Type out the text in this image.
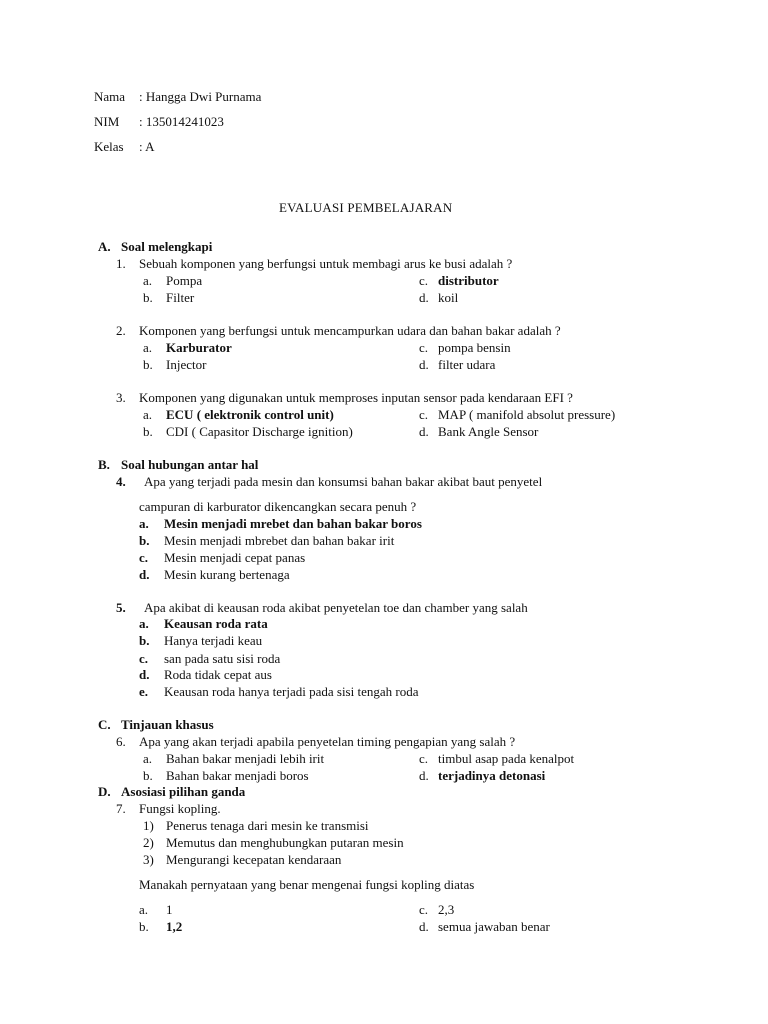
Nama : Hangga Dwi Purnama
NIM : 135014241023
Kelas : A
EVALUASI PEMBELAJARAN
A. Soal melengkapi
1. Sebuah komponen yang berfungsi untuk membagi arus ke busi adalah ?
a. Pompa
b. Filter
c. distributor
d. koil
2. Komponen yang berfungsi untuk mencampurkan udara dan bahan bakar adalah ?
a. Karburator
b. Injector
c. pompa bensin
d. filter udara
3. Komponen yang digunakan untuk memproses inputan sensor pada kendaraan EFI ?
a. ECU ( elektronik control unit)
b. CDI ( Capasitor Discharge ignition)
c. MAP ( manifold absolut pressure)
d. Bank Angle Sensor
B. Soal hubungan antar hal
4. Apa yang terjadi pada mesin dan konsumsi bahan bakar akibat baut penyetel
campuran di karburator dikencangkan secara penuh ?
a. Mesin menjadi mrebet dan bahan bakar boros
b. Mesin menjadi mbrebet dan bahan bakar irit
c. Mesin menjadi cepat panas
d. Mesin kurang bertenaga
5. Apa akibat di keausan roda akibat penyetelan toe dan chamber yang salah
a. Keausan roda rata
b. Hanya terjadi keau
c. san pada satu sisi roda
d. Roda tidak cepat aus
e. Keausan roda hanya terjadi pada sisi tengah roda
C. Tinjauan khasus
6. Apa yang akan terjadi apabila penyetelan timing pengapian yang salah ?
a. Bahan bakar menjadi lebih irit
b. Bahan bakar menjadi boros
c. timbul asap pada kenalpot
d. terjadinya detonasi
D. Asosiasi pilihan ganda
7. Fungsi kopling.
1) Penerus tenaga dari mesin ke transmisi
2) Memutus dan menghubungkan putaran mesin
3) Mengurangi kecepatan kendaraan
Manakah pernyataan yang benar mengenai fungsi kopling diatas
a. 1
b. 1,2
c. 2,3
d. semua jawaban benar
